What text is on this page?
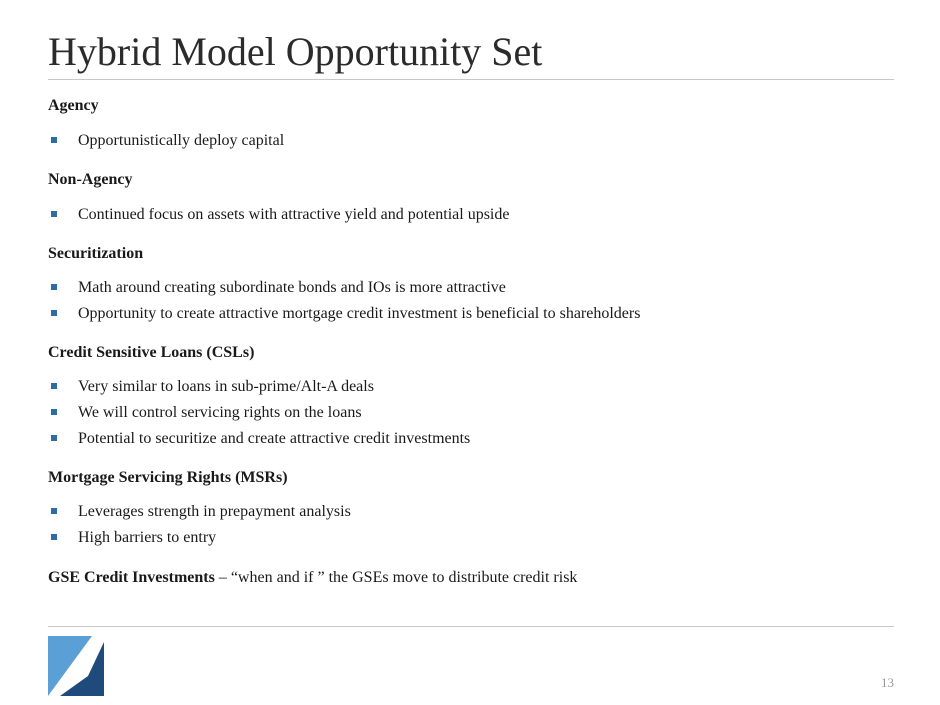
Hybrid Model Opportunity Set
Agency
Opportunistically deploy capital
Non-Agency
Continued focus on assets with attractive yield and potential upside
Securitization
Math around creating subordinate bonds and IOs is more attractive
Opportunity to create attractive mortgage credit investment is beneficial to shareholders
Credit Sensitive Loans (CSLs)
Very similar to loans in sub-prime/Alt-A deals
We will control servicing rights on the loans
Potential to securitize and create attractive credit investments
Mortgage Servicing Rights (MSRs)
Leverages strength in prepayment analysis
High barriers to entry
GSE Credit Investments – “when and if ” the GSEs move to distribute credit risk
13
